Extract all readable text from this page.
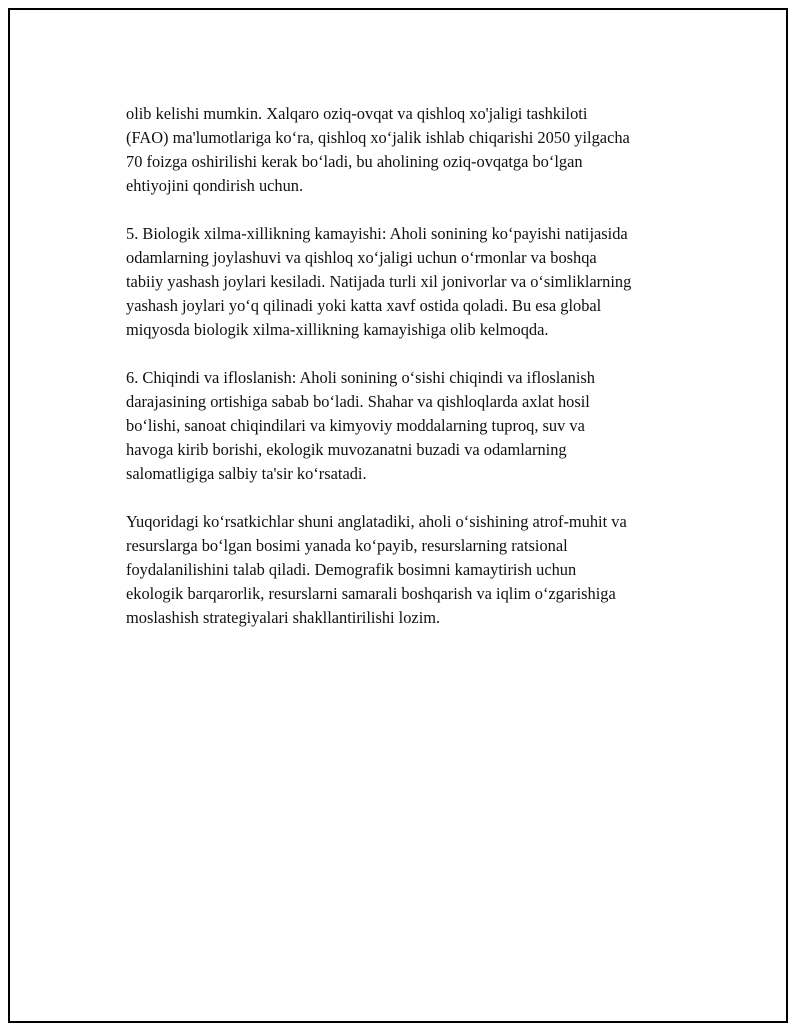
olib kelishi mumkin. Xalqaro oziq-ovqat va qishloq xo'jaligi tashkiloti
(FAO) ma'lumotlariga ko‘ra, qishloq xo‘jalik ishlab chiqarishi 2050 yilgacha
70 foizga oshirilishi kerak bo‘ladi, bu aholining oziq-ovqatga bo‘lgan
ehtiyojini qondirish uchun.

5. Biologik xilma-xillikning kamayishi: Aholi sonining ko‘payishi natijasida
odamlarning joylashuvi va qishloq xo‘jaligi uchun o‘rmonlar va boshqa
tabiiy yashash joylari kesiladi. Natijada turli xil jonivorlar va o‘simliklarning
yashash joylari yo‘q qilinadi yoki katta xavf ostida qoladi. Bu esa global
miqyosda biologik xilma-xillikning kamayishiga olib kelmoqda.

6. Chiqindi va ifloslanish: Aholi sonining o‘sishi chiqindi va ifloslanish
darajasining ortishiga sabab bo‘ladi. Shahar va qishloqlarda axlat hosil
bo‘lishi, sanoat chiqindilari va kimyoviy moddalarning tuproq, suv va
havoga kirib borishi, ekologik muvozanatni buzadi va odamlarning
salomatligiga salbiy ta'sir ko‘rsatadi.

Yuqoridagi ko‘rsatkichlar shuni anglatadiki, aholi o‘sishining atrof-muhit va
resurslarga bo‘lgan bosimi yanada ko‘payib, resurslarning ratsional
foydalanilishini talab qiladi. Demografik bosimni kamaytirish uchun
ekologik barqarorlik, resurslarni samarali boshqarish va iqlim o‘zgarishiga
moslashish strategiyalari shakllantirilishi lozim.
